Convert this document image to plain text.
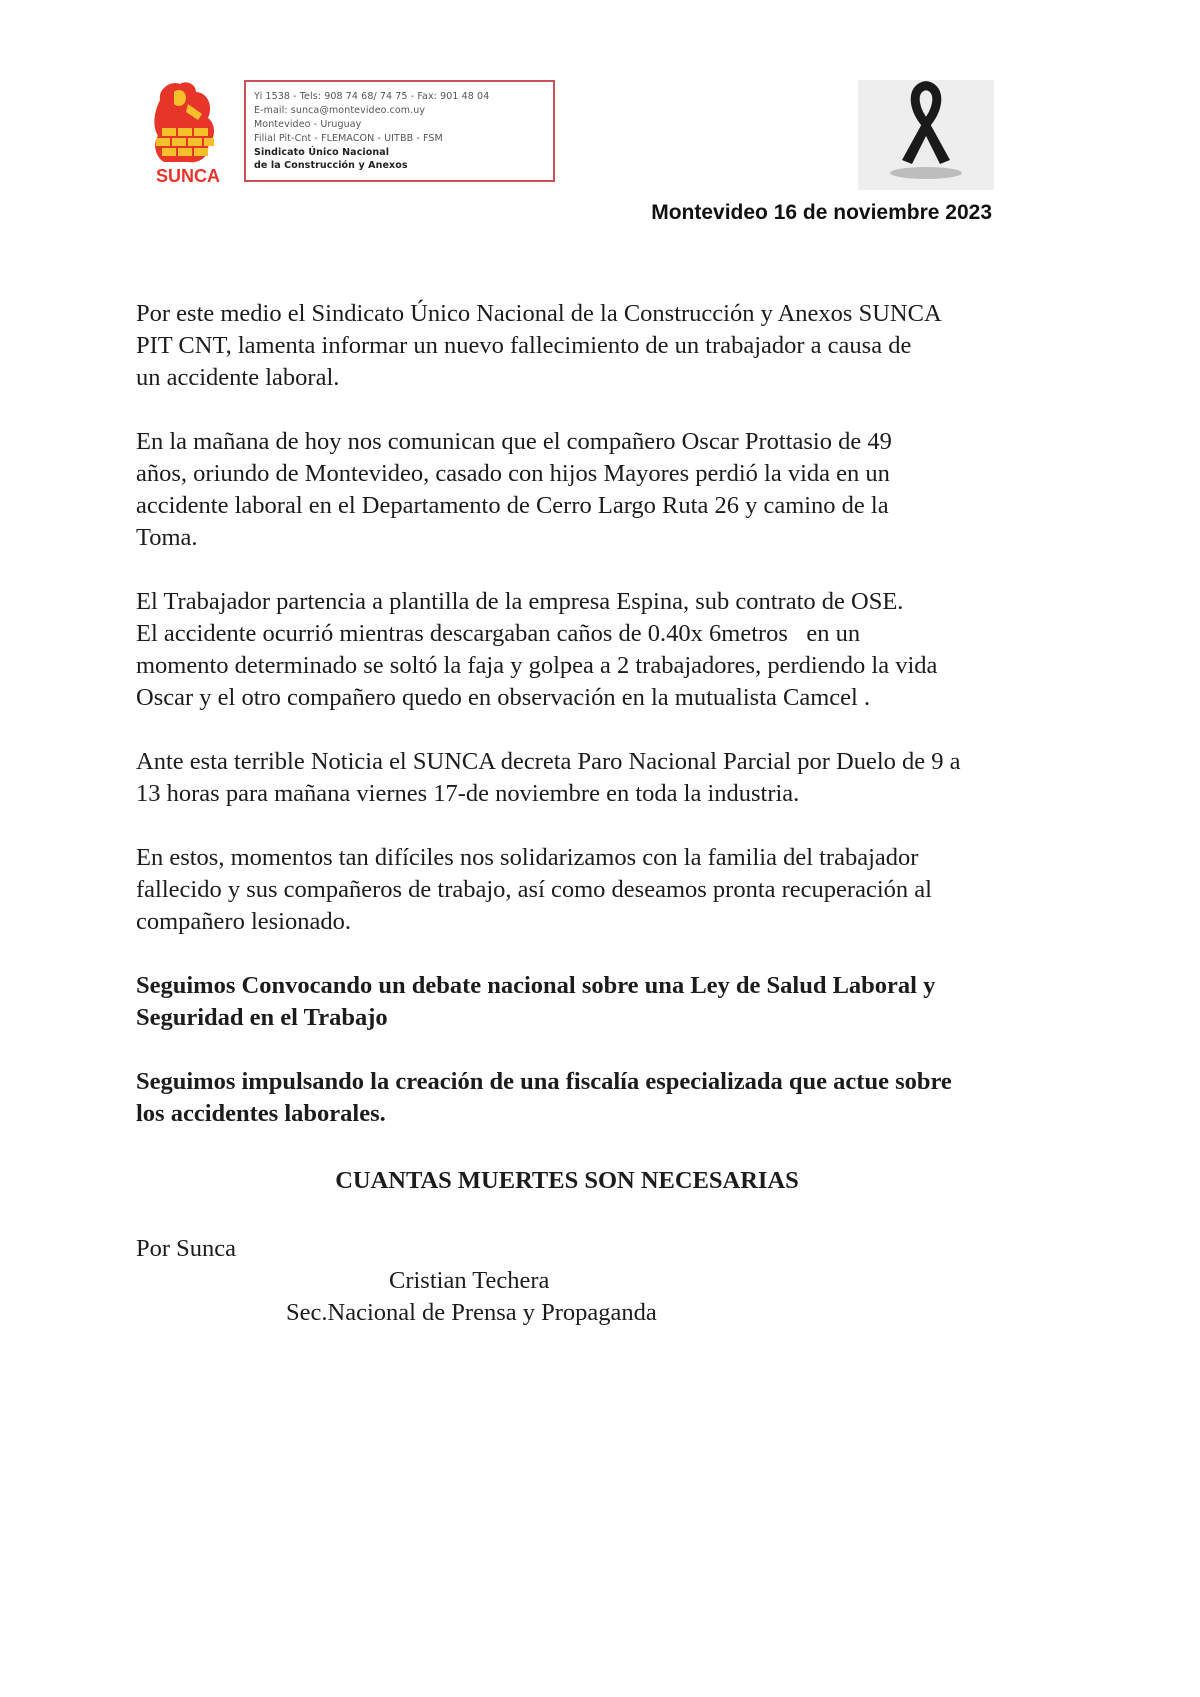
SUNCA
Yi 1538 - Tels: 908 74 68/ 74 75 - Fax: 901 48 04
E-mail: sunca@montevideo.com.uy
Montevideo - Uruguay
Filial Pit-Cnt - FLEMACON - UITBB - FSM
Sindicato Único Nacional
de la Construcción y Anexos
Montevideo 16 de noviembre 2023
Por este medio el Sindicato Único Nacional de la Construcción y Anexos SUNCA
PIT CNT, lamenta informar un nuevo fallecimiento de un trabajador a causa de
un accidente laboral.
En la mañana de hoy nos comunican que el compañero Oscar Prottasio de 49
años, oriundo de Montevideo, casado con hijos Mayores perdió la vida en un
accidente laboral en el Departamento de Cerro Largo Ruta 26 y camino de la
Toma.
El Trabajador partencia a plantilla de la empresa Espina, sub contrato de OSE.
El accidente ocurrió mientras descargaban caños de 0.40x 6metros   en un
momento determinado se soltó la faja y golpea a 2 trabajadores, perdiendo la vida
Oscar y el otro compañero quedo en observación en la mutualista Camcel .
Ante esta terrible Noticia el SUNCA decreta Paro Nacional Parcial por Duelo de 9 a
13 horas para mañana viernes 17-de noviembre en toda la industria.
En estos, momentos tan difíciles nos solidarizamos con la familia del trabajador
fallecido y sus compañeros de trabajo, así como deseamos pronta recuperación al
compañero lesionado.
Seguimos Convocando un debate nacional sobre una Ley de Salud Laboral y
Seguridad en el Trabajo
Seguimos impulsando la creación de una fiscalía especializada que actue sobre
los accidentes laborales.
CUANTAS MUERTES SON NECESARIAS
Por Sunca
Cristian Techera
Sec.Nacional de Prensa y Propaganda
